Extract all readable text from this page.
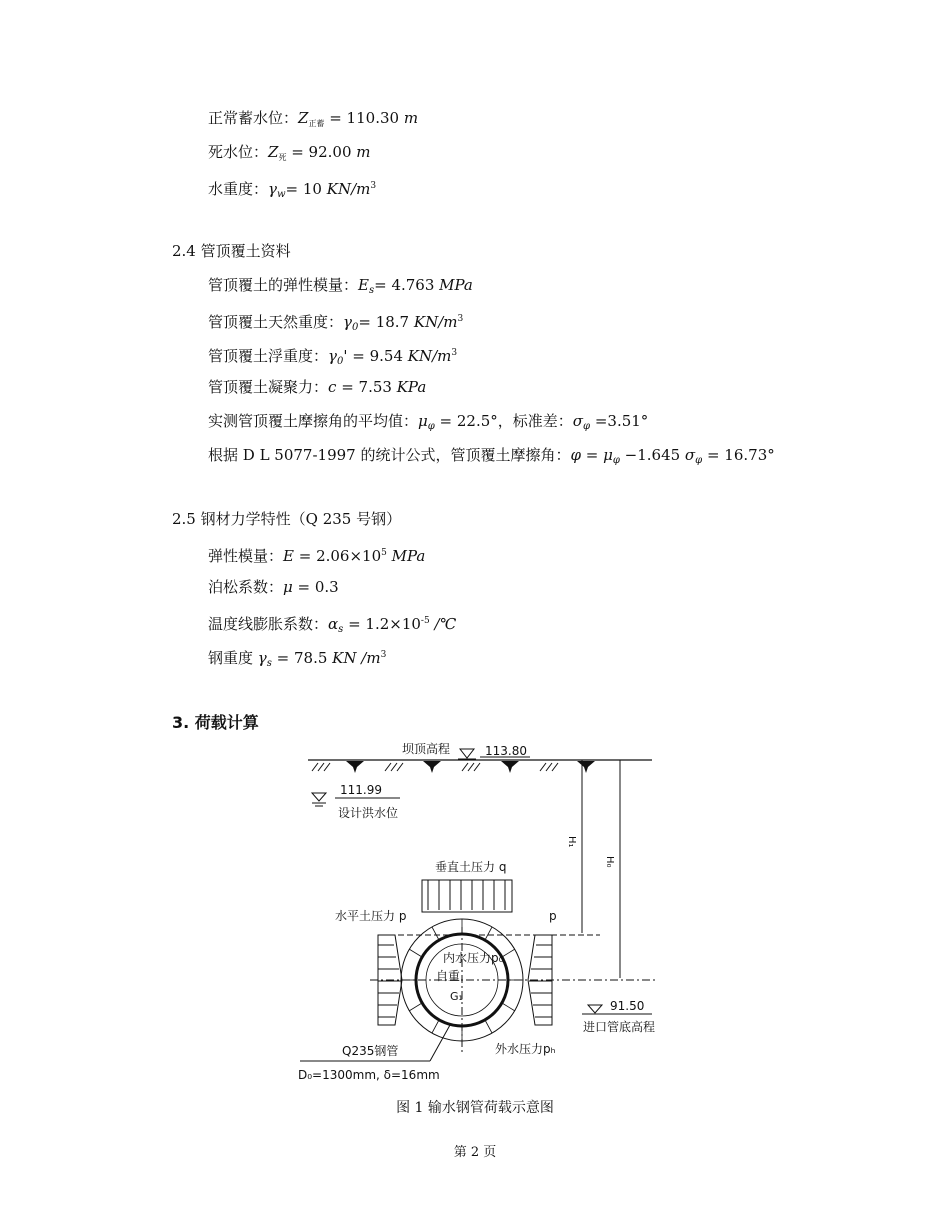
正常蓄水位：$Z_{正蓄} = 110.30$ m
死水位：$Z_死 = 92.00$ m
水重度：$\gamma_w= 10$ $KN/m^3$
2.4 管顶覆土资料
管顶覆土的弹性模量：$E_s= 4.763$ MPa
管顶覆土天然重度：$\gamma_0= 18.7$ $KN/m^3$
管顶覆土浮重度：$\gamma_0' = 9.54$ $KN/m^3$
管顶覆土凝聚力：c = 7.53 KPa
实测管顶覆土摩擦角的平均值：$\mu_\varphi = 22.5^\circ$，标准差：$\sigma_\varphi =3.51^\circ$
根据 D L 5077-1997 的统计公式，管顶覆土摩擦角：$\varphi = \mu_\varphi -1.645$ $\sigma_\varphi = 16.73^\circ$
2.5 钢材力学特性（Q 235 号钢）
弹性模量：$E = 2.06\times 10^5$ MPa
泊松系数：μ = 0.3
温度线膨胀系数：$\alpha_s = 1.2\times 10^{-5}$ /℃
钢重度 $\gamma_s = 78.5$ KN $/m^3$
3. 荷载计算
坝顶高程	113.80
111.99
设计洪水位
H₁
H₀
垂直土压力 q
水平土压力 p	p
内水压力p₀
自重
G₁
91.50
进口管底高程
Q235钢管	外水压力pₕ
D₀=1300mm, δ=16mm
图 1 输水钢管荷载示意图
第 2 页
